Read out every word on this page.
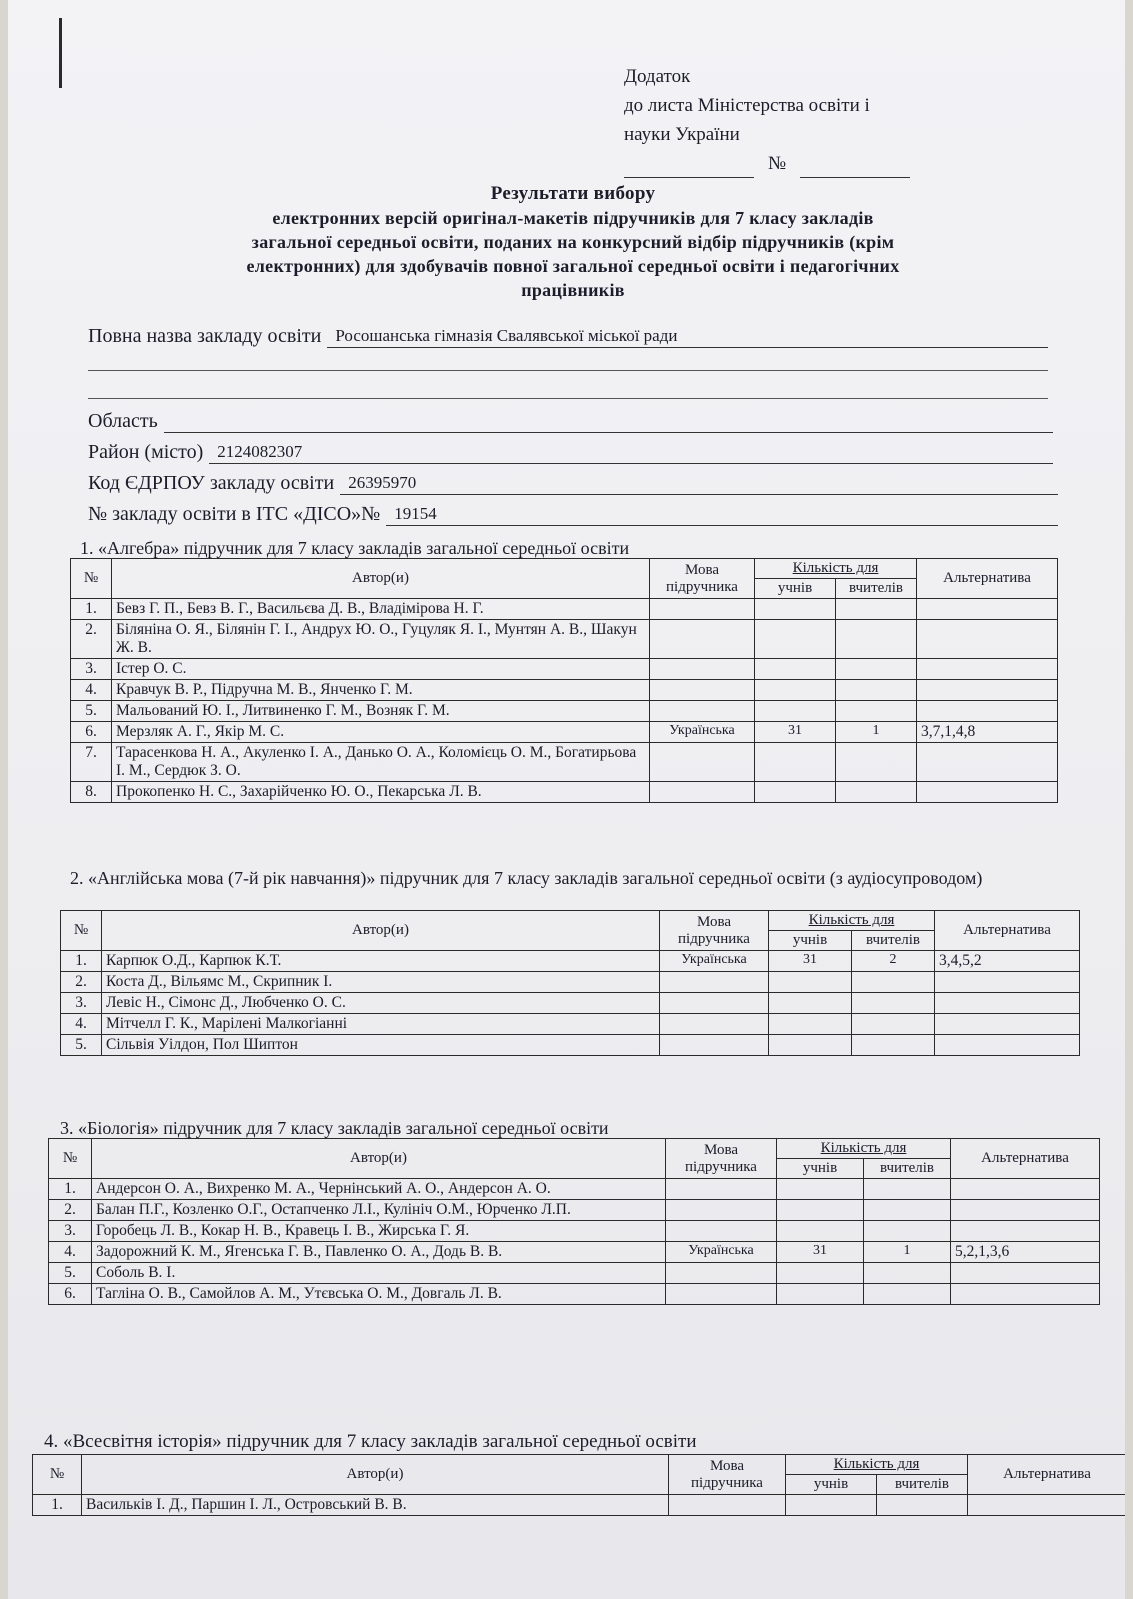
Додаток
до листа Міністерства освіти і
науки України
№
Результати вибору
електронних версій оригінал-макетів підручників для 7 класу закладів
загальної середньої освіти, поданих на конкурсний відбір підручників (крім
електронних) для здобувачів повної загальної середньої освіти і педагогічних
працівників
Повна назва закладу освіти Росошанська гімназія Свалявської міської ради
Область
Район (місто) 2124082307
Код ЄДРПОУ закладу освіти 26395970
№ закладу освіти в ІТС «ДІСО»№ 19154
1. «Алгебра» підручник для 7 класу закладів загальної середньої освіти
№	Автор(и)	Мова підручника	Кількість для		Альтернатива
			учнів	вчителів	
1.	Бевз Г. П., Бевз В. Г., Васильєва Д. В., Владімірова Н. Г.				
2.	Біляніна О. Я., Білянін Г. І., Андрух Ю. О., Гуцуляк Я. І., Мунтян А. В., Шакун Ж. В.				
3.	Істер О. С.				
4.	Кравчук В. Р., Підручна М. В., Янченко Г. М.				
5.	Мальований Ю. І., Литвиненко Г. М., Возняк Г. М.				
6.	Мерзляк А. Г., Якір М. С.	Українська	31	1	3,7,1,4,8
7.	Тарасенкова Н. А., Акуленко І. А., Данько О. А., Коломієць О. М., Богатирьова І. М., Сердюк З. О.				
8.	Прокопенко Н. С., Захарійченко Ю. О., Пекарська Л. В.				
2. «Англійська мова (7-й рік навчання)» підручник для 7 класу закладів загальної середньої освіти (з аудіосупроводом)
№	Автор(и)	Мова підручника	Кількість для		Альтернатива
			учнів	вчителів	
1.	Карпюк О.Д., Карпюк К.Т.	Українська	31	2	3,4,5,2
2.	Коста Д., Вільямс М., Скрипник І.				
3.	Левіс Н., Сімонс Д., Любченко О. С.				
4.	Мітчелл Г. К., Марілені Малкогіанні				
5.	Сільвія Уілдон, Пол Шиптон				
3. «Біологія» підручник для 7 класу закладів загальної середньої освіти
№	Автор(и)	Мова підручника	Кількість для		Альтернатива
			учнів	вчителів	
1.	Андерсон О. А., Вихренко М. А., Чернінський А. О., Андерсон А. О.				
2.	Балан П.Г., Козленко О.Г., Остапченко Л.І., Кулініч О.М., Юрченко Л.П.				
3.	Горобець Л. В., Кокар Н. В., Кравець І. В., Жирська Г. Я.				
4.	Задорожний К. М., Ягенська Г. В., Павленко О. А., Додь В. В.	Українська	31	1	5,2,1,3,6
5.	Соболь В. І.				
6.	Тагліна О. В., Самойлов А. М., Утєвська О. М., Довгаль Л. В.				
4. «Всесвітня історія» підручник для 7 класу закладів загальної середньої освіти
№	Автор(и)	Мова підручника	Кількість для		Альтернатива
			учнів	вчителів	
1.	Васильків І. Д., Паршин І. Л., Островський В. В.				
